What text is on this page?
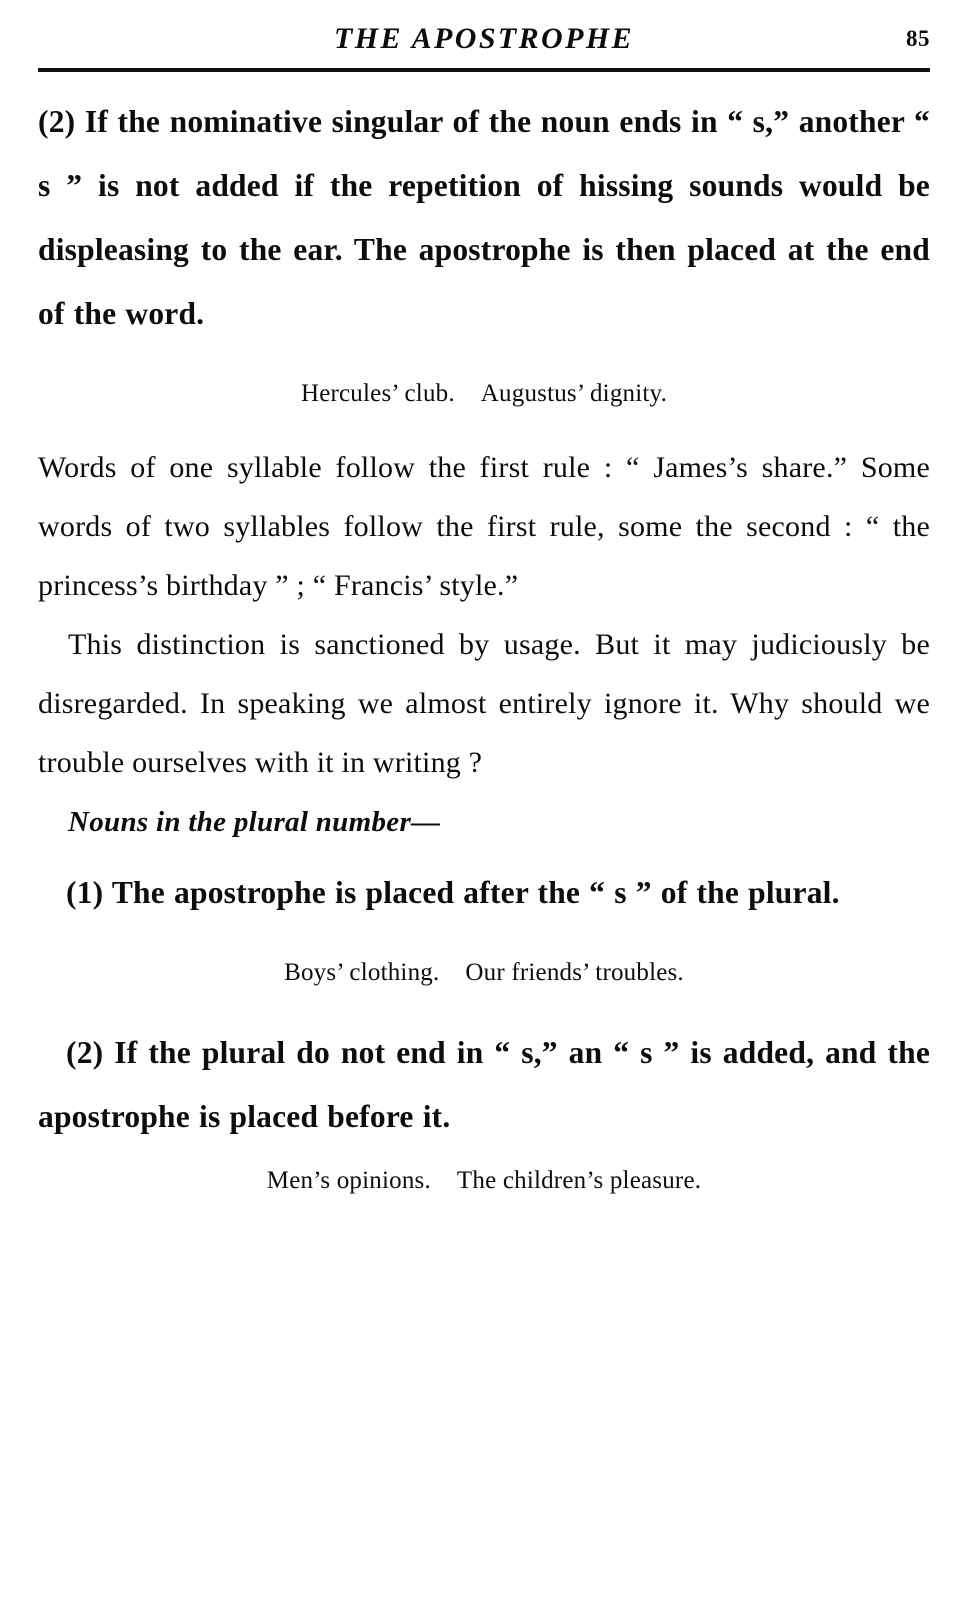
THE APOSTROPHE	85

(2) If the nominative singular of the noun ends in “ s,” another “ s ” is not added if the repetition of hissing sounds would be displeasing to the ear. The apostrophe is then placed at the end of the word.

Hercules’ club. Augustus’ dignity.

Words of one syllable follow the first rule : “ James’s share.” Some words of two syllables follow the first rule, some the second : “ the princess’s birthday ” ; “ Francis’ style.”

This distinction is sanctioned by usage. But it may judiciously be disregarded. In speaking we almost entirely ignore it. Why should we trouble ourselves with it in writing ?

Nouns in the plural number—

(1) The apostrophe is placed after the “ s ” of the plural.

Boys’ clothing. Our friends’ troubles.

(2) If the plural do not end in “ s,” an “ s ” is added, and the apostrophe is placed before it.

Men’s opinions. The children’s pleasure.
